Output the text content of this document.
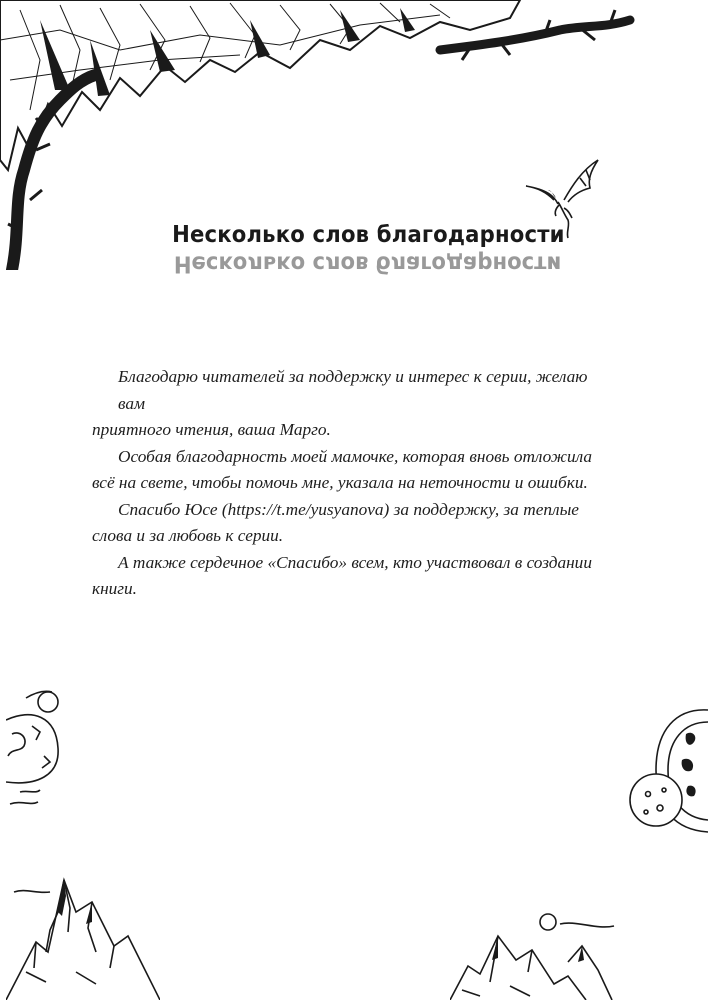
Несколько слов благодарности
Несколько слов благодарности

Благодарю читателей за поддержку и интерес к серии, желаю вам
приятного чтения, ваша Марго.

Особая благодарность моей мамочке, которая вновь отложила
всё на свете, чтобы помочь мне, указала на неточности и ошибки.

Спасибо Юсе (https://t.me/yusyanova) за поддержку, за теплые
слова и за любовь к серии.

А также сердечное «Спасибо» всем, кто участвовал в создании
книги.
